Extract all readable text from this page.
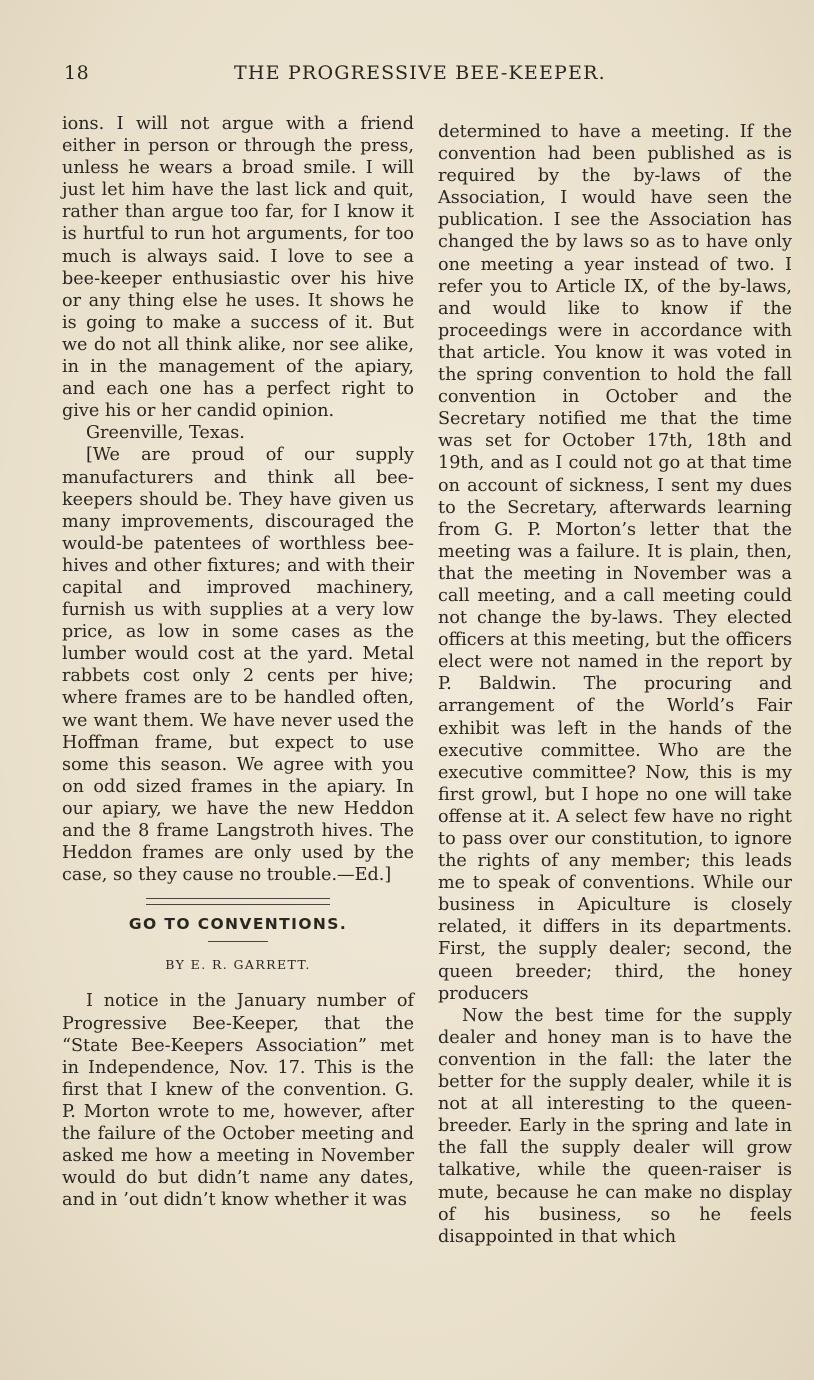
18	THE PROGRESSIVE BEE-KEEPER.

ions. I will not argue with a friend either in person or through the press, unless he wears a broad smile. I will just let him have the last lick and quit, rather than argue too far, for I know it is hurtful to run hot arguments, for too much is always said. I love to see a bee-keeper enthusiastic over his hive or any thing else he uses. It shows he is going to make a success of it. But we do not all think alike, nor see alike, in in the management of the apiary, and each one has a perfect right to give his or her candid opinion.

Greenville, Texas.

[We are proud of our supply manufacturers and think all bee-keepers should be. They have given us many improvements, discouraged the would-be patentees of worthless bee-hives and other fixtures; and with their capital and improved machinery, furnish us with supplies at a very low price, as low in some cases as the lumber would cost at the yard. Metal rabbets cost only 2 cents per hive; where frames are to be handled often, we want them. We have never used the Hoffman frame, but expect to use some this season. We agree with you on odd sized frames in the apiary. In our apiary, we have the new Heddon and the 8 frame Langstroth hives. The Heddon frames are only used by the case, so they cause no trouble.—Ed.]

GO TO CONVENTIONS.
BY E. R. GARRETT.

I notice in the January number of Progressive Bee-Keeper, that the “State Bee-Keepers Association” met in Independence, Nov. 17. This is the first that I knew of the convention. G. P. Morton wrote to me, however, after the failure of the October meeting and asked me how a meeting in November would do but didn’t name any dates, and in ’out didn’t know whether it was

determined to have a meeting. If the convention had been published as is required by the by-laws of the Association, I would have seen the publication. I see the Association has changed the by laws so as to have only one meeting a year instead of two. I refer you to Article IX, of the by-laws, and would like to know if the proceedings were in accordance with that article. You know it was voted in the spring convention to hold the fall convention in October and the Secretary notified me that the time was set for October 17th, 18th and 19th, and as I could not go at that time on account of sickness, I sent my dues to the Secretary, afterwards learning from G. P. Morton’s letter that the meeting was a failure. It is plain, then, that the meeting in November was a call meeting, and a call meeting could not change the by-laws. They elected officers at this meeting, but the officers elect were not named in the report by P. Baldwin. The procuring and arrangement of the World’s Fair exhibit was left in the hands of the executive committee. Who are the executive committee? Now, this is my first growl, but I hope no one will take offense at it. A select few have no right to pass over our constitution, to ignore the rights of any member; this leads me to speak of conventions. While our business in Apiculture is closely related, it differs in its departments. First, the supply dealer; second, the queen breeder; third, the honey producers

Now the best time for the supply dealer and honey man is to have the convention in the fall: the later the better for the supply dealer, while it is not at all interesting to the queen-breeder. Early in the spring and late in the fall the supply dealer will grow talkative, while the queen-raiser is mute, because he can make no display of his business, so he feels disappointed in that which
